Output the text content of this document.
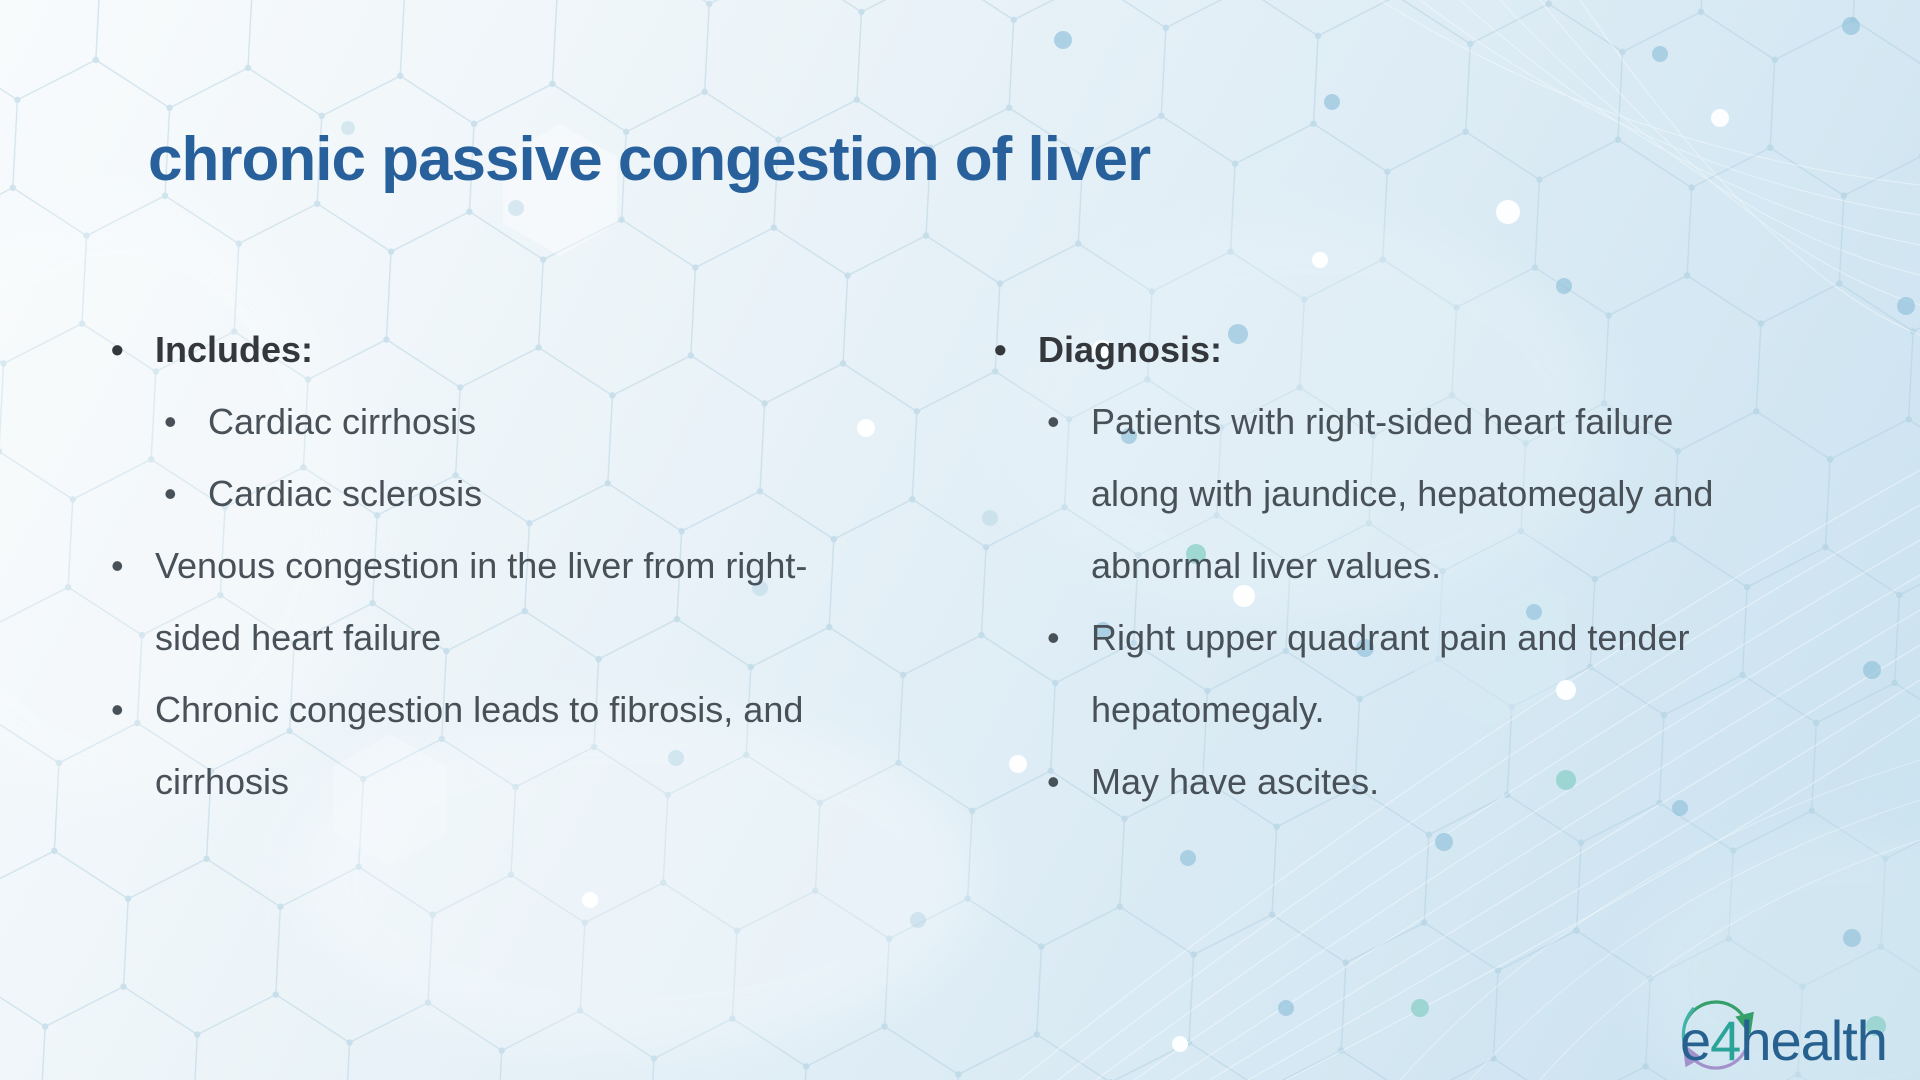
chronic passive congestion of liver
•
Includes:
•
Cardiac cirrhosis
•
Cardiac sclerosis
•
Venous congestion in the liver from right-sided heart failure
•
Chronic congestion leads to fibrosis, and cirrhosis
•
Diagnosis:
•
Patients with right-sided heart failure along with jaundice, hepatomegaly and abnormal liver values.
•
Right upper quadrant pain and tender hepatomegaly.
•
May have ascites.
e4health
